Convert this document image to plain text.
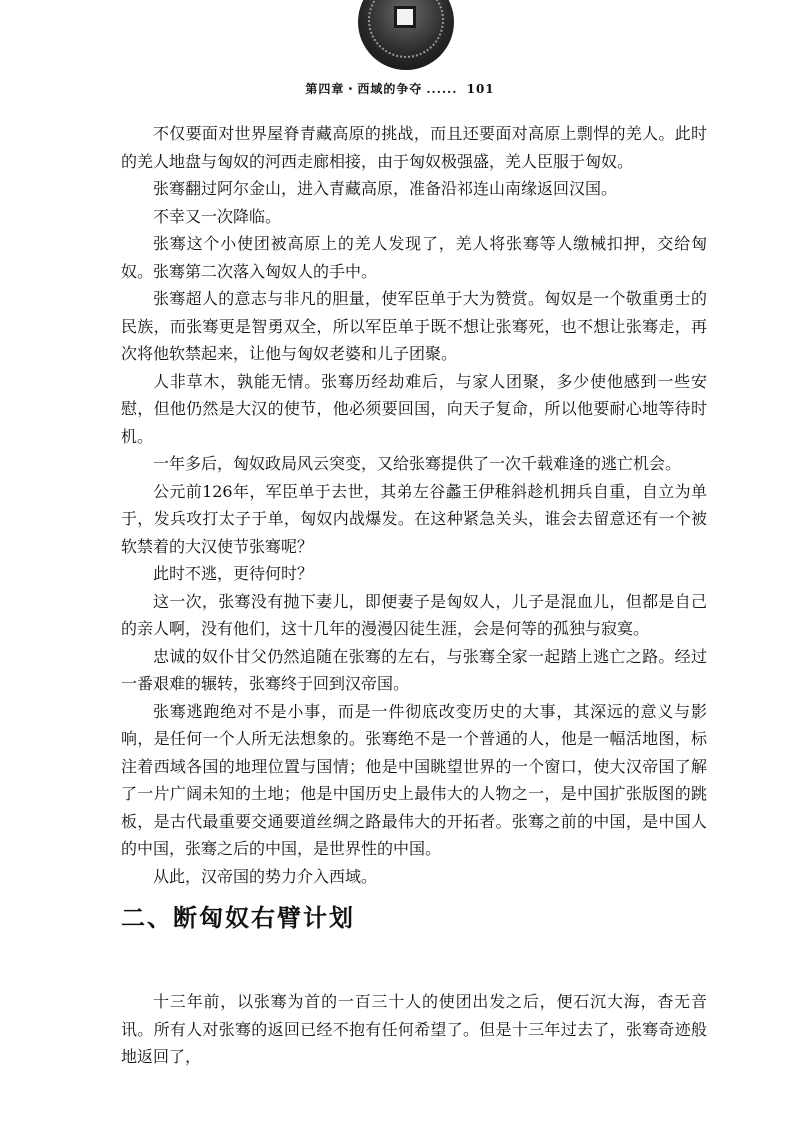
第四章・西域的争夺 ...... 101

不仅要面对世界屋脊青藏高原的挑战，而且还要面对高原上剽悍的羌人。此时的羌人地盘与匈奴的河西走廊相接，由于匈奴极强盛，羌人臣服于匈奴。

张骞翻过阿尔金山，进入青藏高原，准备沿祁连山南缘返回汉国。

不幸又一次降临。

张骞这个小使团被高原上的羌人发现了，羌人将张骞等人缴械扣押，交给匈奴。张骞第二次落入匈奴人的手中。

张骞超人的意志与非凡的胆量，使军臣单于大为赞赏。匈奴是一个敬重勇士的民族，而张骞更是智勇双全，所以军臣单于既不想让张骞死，也不想让张骞走，再次将他软禁起来，让他与匈奴老婆和儿子团聚。

人非草木，孰能无情。张骞历经劫难后，与家人团聚，多少使他感到一些安慰，但他仍然是大汉的使节，他必须要回国，向天子复命，所以他要耐心地等待时机。

一年多后，匈奴政局风云突变，又给张骞提供了一次千载难逢的逃亡机会。

公元前126年，军臣单于去世，其弟左谷蠡王伊稚斜趁机拥兵自重，自立为单于，发兵攻打太子于单，匈奴内战爆发。在这种紧急关头，谁会去留意还有一个被软禁着的大汉使节张骞呢？

此时不逃，更待何时？

这一次，张骞没有抛下妻儿，即便妻子是匈奴人，儿子是混血儿，但都是自己的亲人啊，没有他们，这十几年的漫漫囚徒生涯，会是何等的孤独与寂寞。

忠诚的奴仆甘父仍然追随在张骞的左右，与张骞全家一起踏上逃亡之路。经过一番艰难的辗转，张骞终于回到汉帝国。

张骞逃跑绝对不是小事，而是一件彻底改变历史的大事，其深远的意义与影响，是任何一个人所无法想象的。张骞绝不是一个普通的人，他是一幅活地图，标注着西域各国的地理位置与国情；他是中国眺望世界的一个窗口，使大汉帝国了解了一片广阔未知的土地；他是中国历史上最伟大的人物之一，是中国扩张版图的跳板，是古代最重要交通要道丝绸之路最伟大的开拓者。张骞之前的中国，是中国人的中国，张骞之后的中国，是世界性的中国。

从此，汉帝国的势力介入西域。

二、断匈奴右臂计划

十三年前，以张骞为首的一百三十人的使团出发之后，便石沉大海，杳无音讯。所有人对张骞的返回已经不抱有任何希望了。但是十三年过去了，张骞奇迹般地返回了，
